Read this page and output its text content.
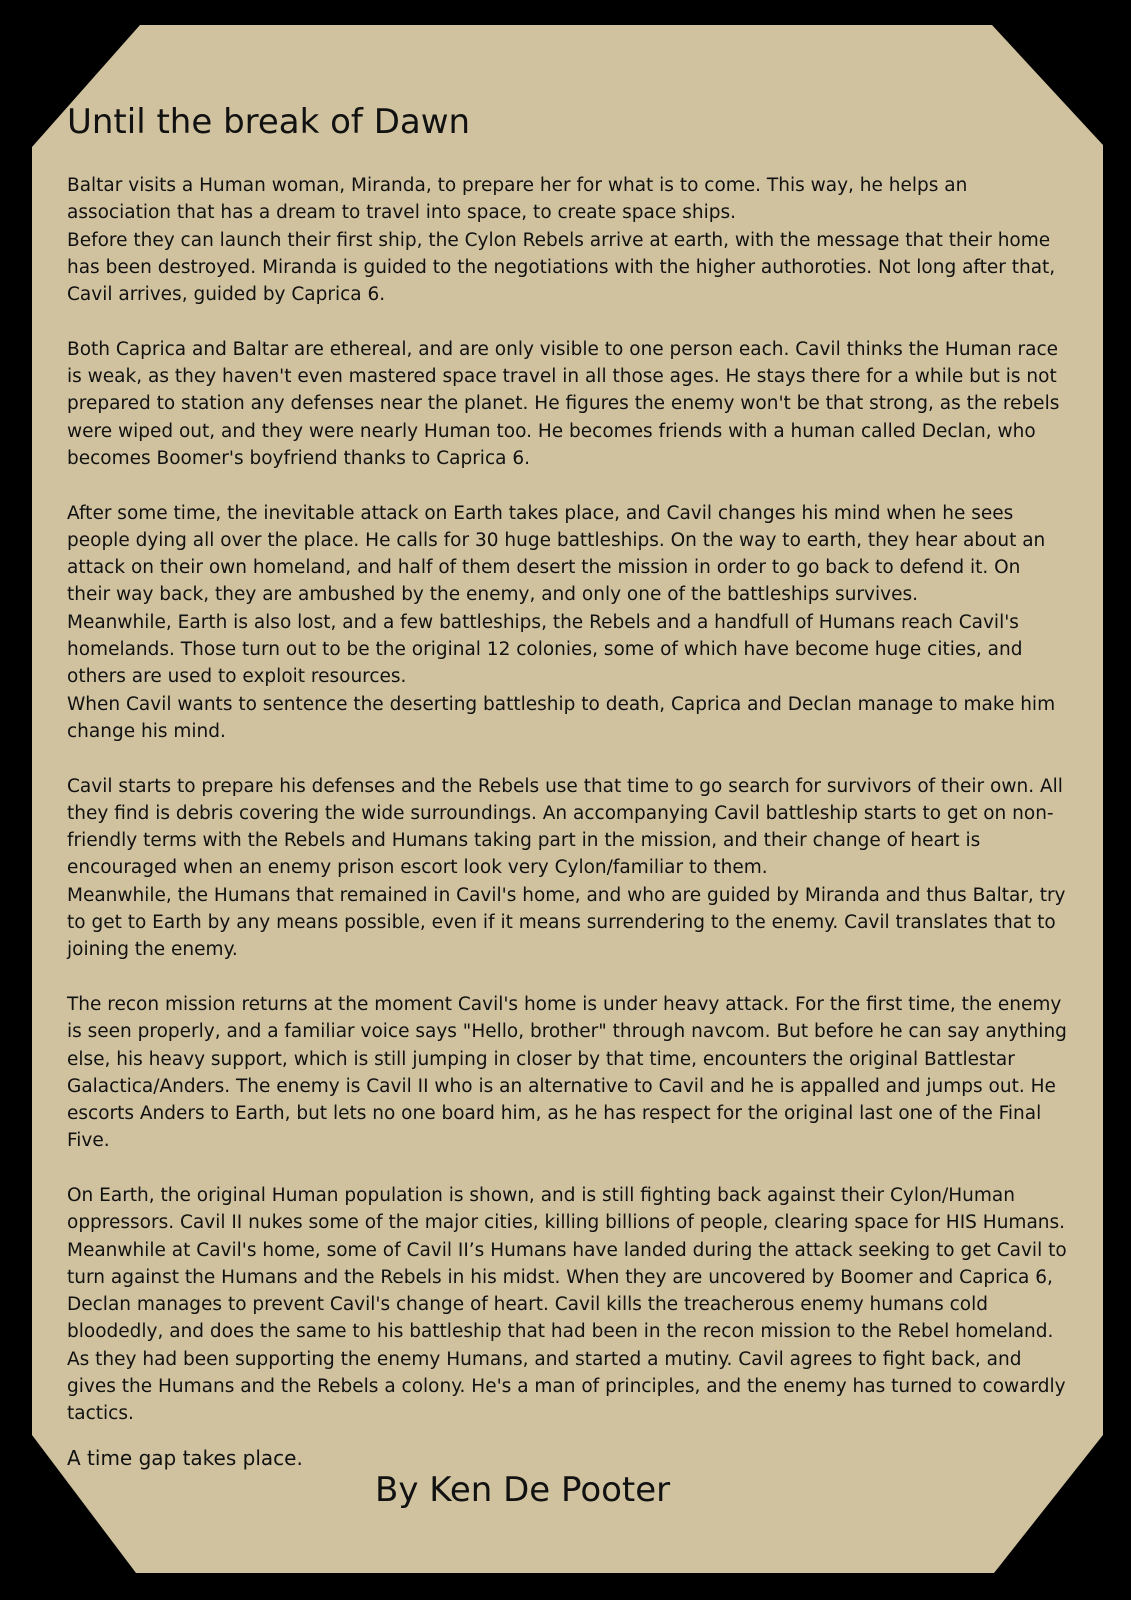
Until the break of Dawn

Baltar visits a Human woman, Miranda, to prepare her for what is to come. This way, he helps an association that has a dream to travel into space, to create space ships.
Before they can launch their first ship, the Cylon Rebels arrive at earth, with the message that their home has been destroyed. Miranda is guided to the negotiations with the higher authoroties. Not long after that, Cavil arrives, guided by Caprica 6.

Both Caprica and Baltar are ethereal, and are only visible to one person each. Cavil thinks the Human race is weak, as they haven't even mastered space travel in all those ages. He stays there for a while but is not prepared to station any defenses near the planet. He figures the enemy won't be that strong, as the rebels were wiped out, and they were nearly Human too. He becomes friends with a human called Declan, who becomes Boomer's boyfriend thanks to Caprica 6.

After some time, the inevitable attack on Earth takes place, and Cavil changes his mind when he sees people dying all over the place. He calls for 30 huge battleships. On the way to earth, they hear about an attack on their own homeland, and half of them desert the mission in order to go back to defend it. On their way back, they are ambushed by the enemy, and only one of the battleships survives.
Meanwhile, Earth is also lost, and a few battleships, the Rebels and a handfull of Humans reach Cavil's homelands. Those turn out to be the original 12 colonies, some of which have become huge cities, and others are used to exploit resources.
When Cavil wants to sentence the deserting battleship to death, Caprica and Declan manage to make him change his mind.

Cavil starts to prepare his defenses and the Rebels use that time to go search for survivors of their own. All they find is debris covering the wide surroundings. An accompanying Cavil battleship starts to get on non-friendly terms with the Rebels and Humans taking part in the mission, and their change of heart is encouraged when an enemy prison escort look very Cylon/familiar to them.
Meanwhile, the Humans that remained in Cavil's home, and who are guided by Miranda and thus Baltar, try to get to Earth by any means possible, even if it means surrendering to the enemy. Cavil translates that to joining the enemy.

The recon mission returns at the moment Cavil's home is under heavy attack. For the first time, the enemy is seen properly, and a familiar voice says "Hello, brother" through navcom. But before he can say anything else, his heavy support, which is still jumping in closer by that time, encounters the original Battlestar Galactica/Anders. The enemy is Cavil II who is an alternative to Cavil and he is appalled and jumps out. He escorts Anders to Earth, but lets no one board him, as he has respect for the original last one of the Final Five.

On Earth, the original Human population is shown, and is still fighting back against their Cylon/Human oppressors. Cavil II nukes some of the major cities, killing billions of people, clearing space for HIS Humans. Meanwhile at Cavil's home, some of Cavil II’s Humans have landed during the attack seeking to get Cavil to turn against the Humans and the Rebels in his midst. When they are uncovered by Boomer and Caprica 6, Declan manages to prevent Cavil's change of heart. Cavil kills the treacherous enemy humans cold bloodedly, and does the same to his battleship that had been in the recon mission to the Rebel homeland. As they had been supporting the enemy Humans, and started a mutiny. Cavil agrees to fight back, and gives the Humans and the Rebels a colony. He's a man of principles, and the enemy has turned to cowardly tactics.

A time gap takes place.

By Ken De Pooter
